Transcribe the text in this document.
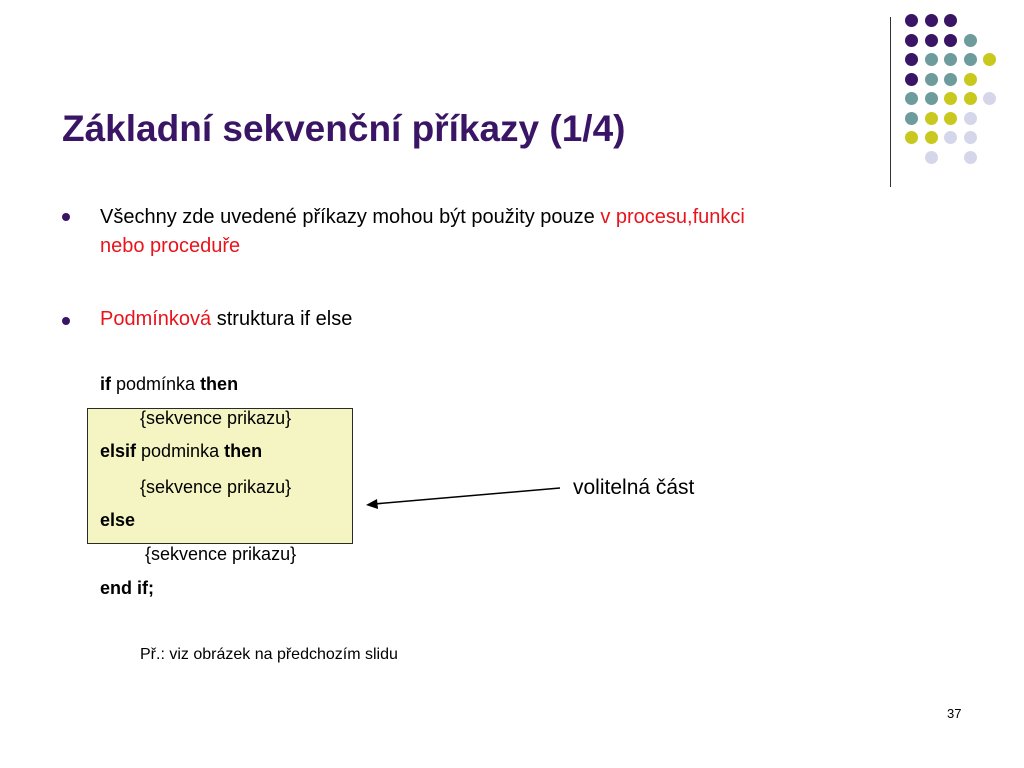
Základní sekvenční příkazy (1/4)
Všechny zde uvedené příkazy mohou být použity pouze v procesu,funkci
nebo proceduře
Podmínková struktura if else
if podmínka then
{sekvence prikazu}
elsif podminka then
{sekvence prikazu}
else
{sekvence prikazu}
end if;
volitelná část
Př.: viz obrázek na předchozím slidu
37
